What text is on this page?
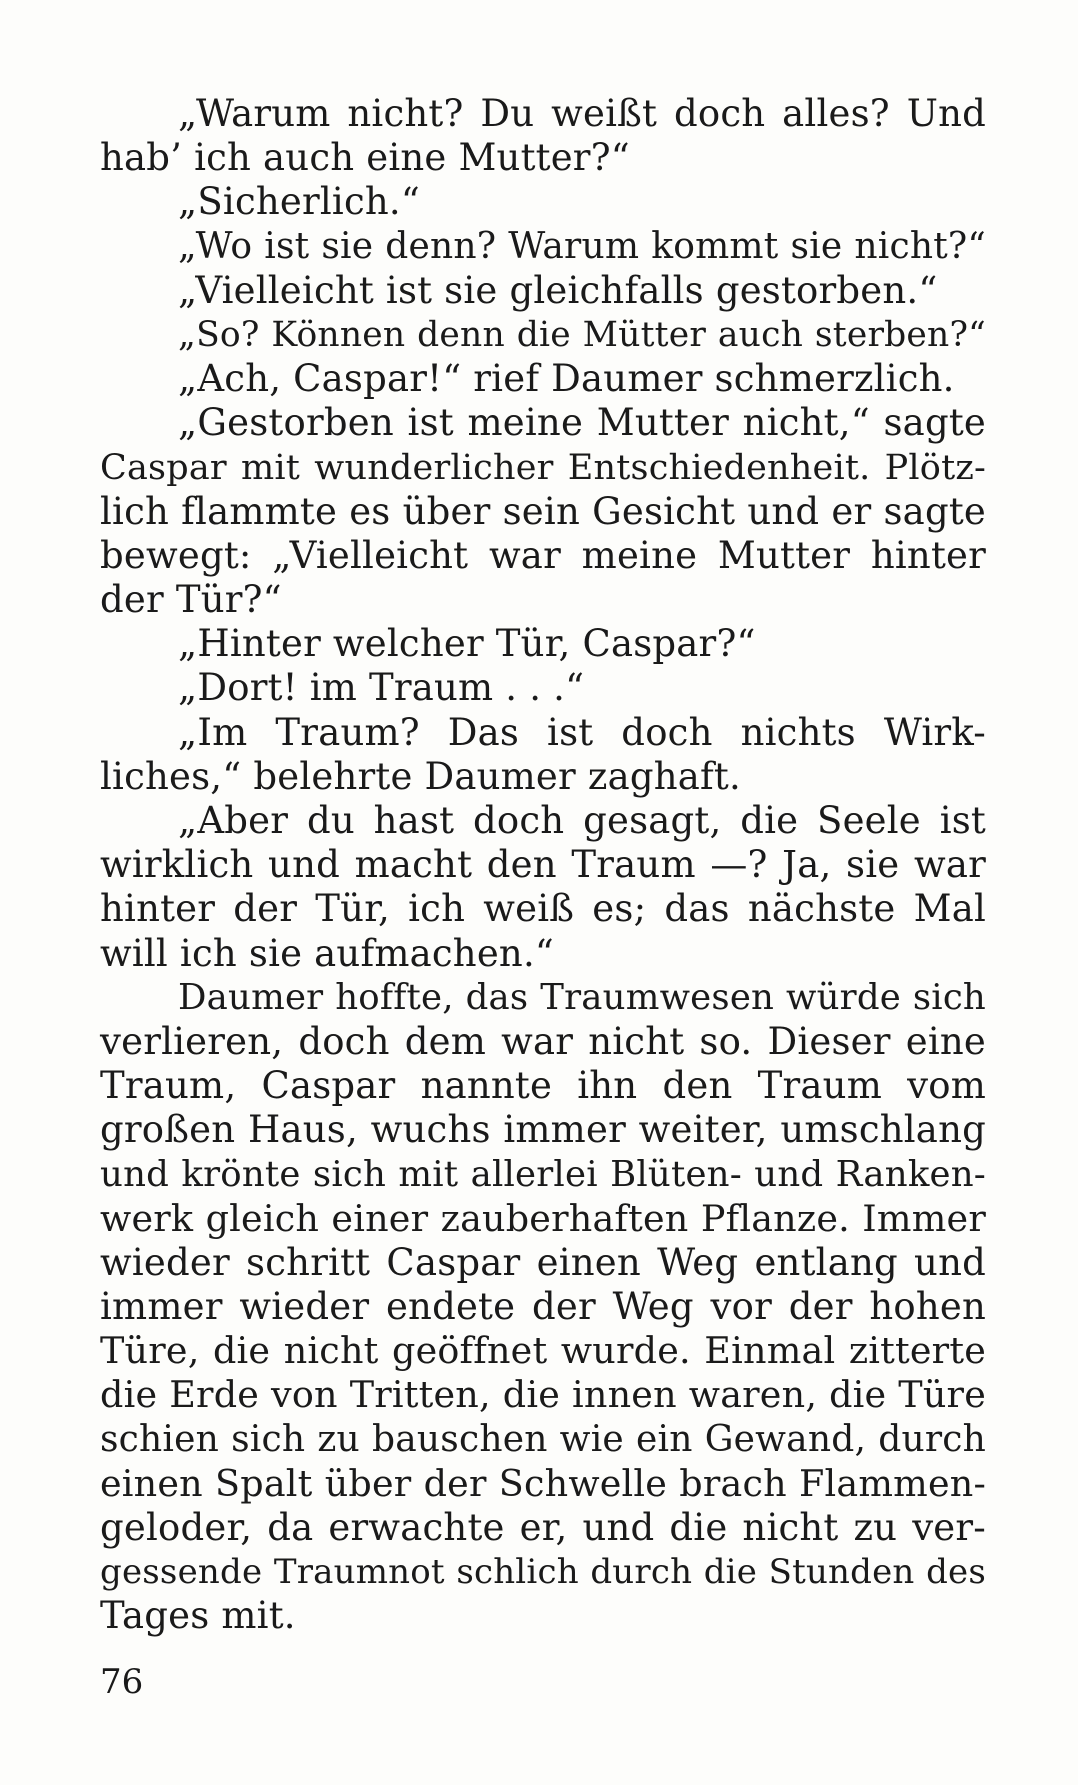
„Warum nicht? Du weißt doch alles? Und
hab’ ich auch eine Mutter?“
„Sicherlich.“
„Wo ist sie denn? Warum kommt sie nicht?“
„Vielleicht ist sie gleichfalls gestorben.“
„So? Können denn die Mütter auch sterben?“
„Ach, Caspar!“ rief Daumer schmerzlich.
„Gestorben ist meine Mutter nicht,“ sagte
Caspar mit wunderlicher Entschiedenheit. Plötz-
lich flammte es über sein Gesicht und er sagte
bewegt: „Vielleicht war meine Mutter hinter
der Tür?“
„Hinter welcher Tür, Caspar?“
„Dort! im Traum . . .“
„Im Traum? Das ist doch nichts Wirk-
liches,“ belehrte Daumer zaghaft.
„Aber du hast doch gesagt, die Seele ist
wirklich und macht den Traum —? Ja, sie war
hinter der Tür, ich weiß es; das nächste Mal
will ich sie aufmachen.“
Daumer hoffte, das Traumwesen würde sich
verlieren, doch dem war nicht so. Dieser eine
Traum, Caspar nannte ihn den Traum vom
großen Haus, wuchs immer weiter, umschlang
und krönte sich mit allerlei Blüten- und Ranken-
werk gleich einer zauberhaften Pflanze. Immer
wieder schritt Caspar einen Weg entlang und
immer wieder endete der Weg vor der hohen
Türe, die nicht geöffnet wurde. Einmal zitterte
die Erde von Tritten, die innen waren, die Türe
schien sich zu bauschen wie ein Gewand, durch
einen Spalt über der Schwelle brach Flammen-
geloder, da erwachte er, und die nicht zu ver-
gessende Traumnot schlich durch die Stunden des
Tages mit.
76
